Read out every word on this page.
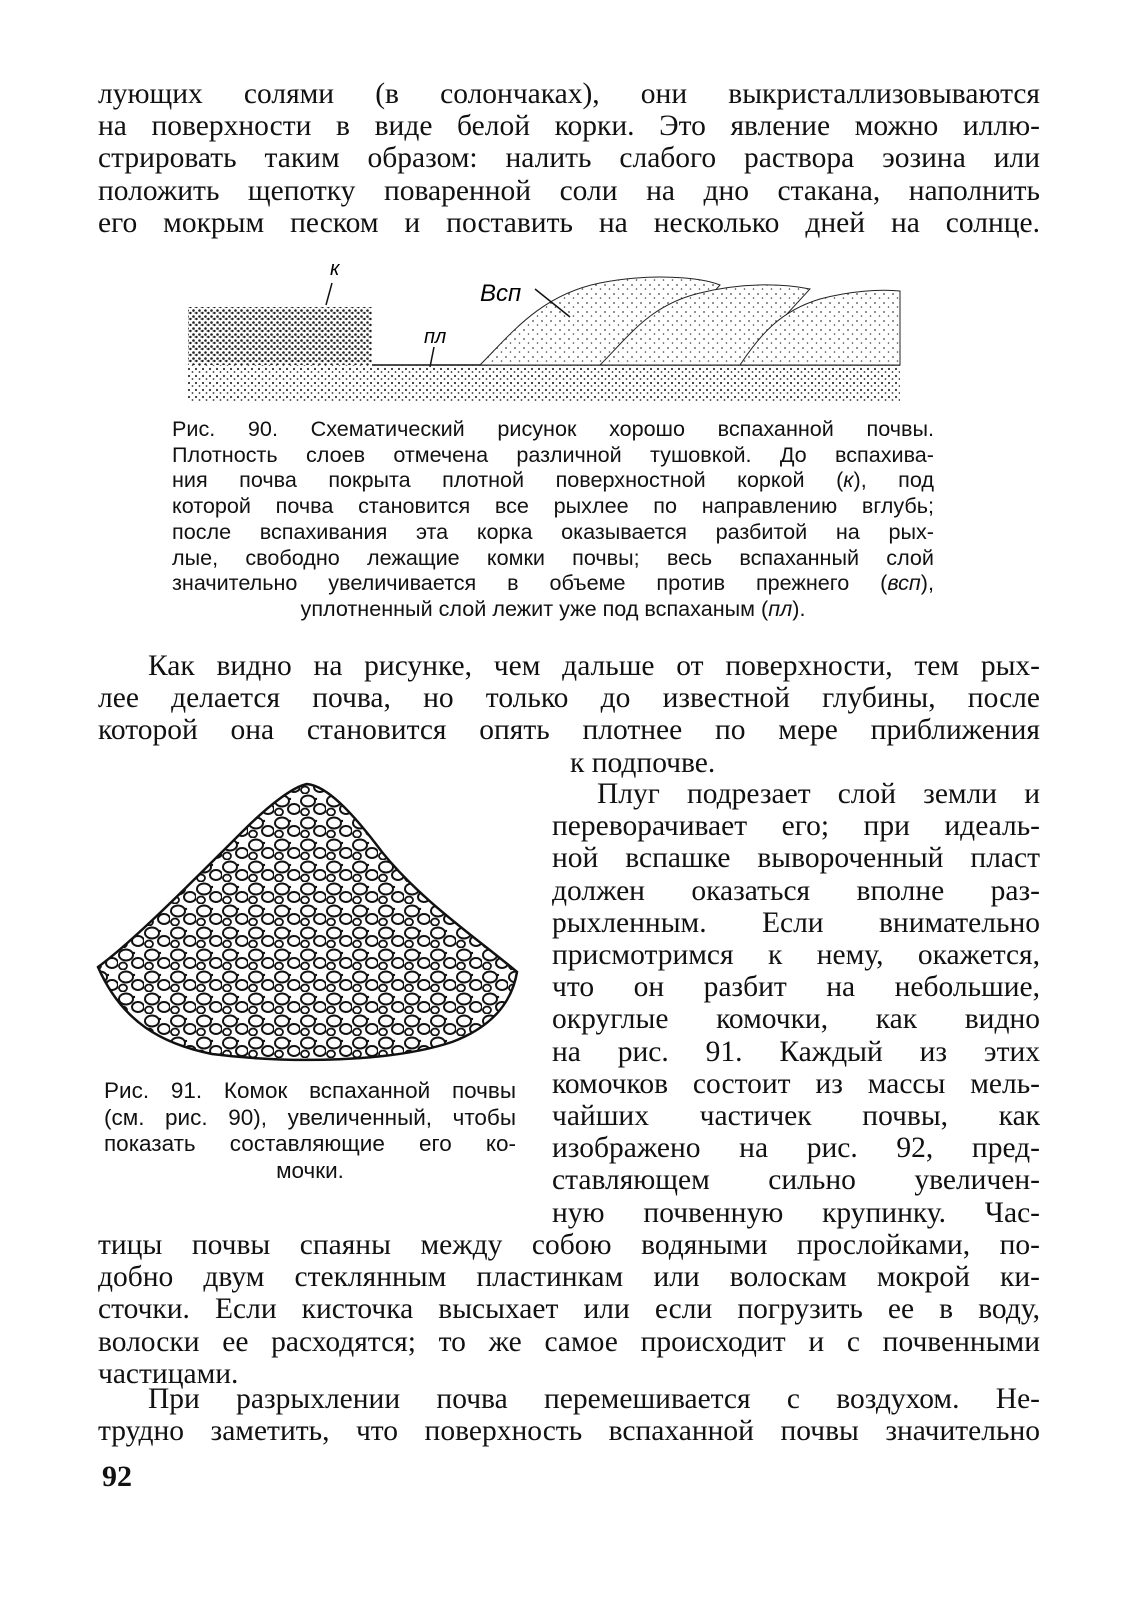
лующих солями (в солончаках), они выкристаллизовываются
на поверхности в виде белой корки. Это явление можно иллю-
стрировать таким образом: налить слабого раствора эозина или
положить щепотку поваренной соли на дно стакана, наполнить
его мокрым песком и поставить на несколько дней на солнце.
к
пл
Всп
Рис. 90. Схематический рисунок хорошо вспаханной почвы.
Плотность слоев отмечена различной тушовкой. До вспахива-
ния почва покрыта плотной поверхностной коркой (к), под
которой почва становится все рыхлее по направлению вглубь;
после вспахивания эта корка оказывается разбитой на рых-
лые, свободно лежащие комки почвы; весь вспаханный слой
значительно увеличивается в объеме против прежнего (всп),
уплотненный слой лежит уже под вспаханым (пл).
Как видно на рисунке, чем дальше от поверхности, тем рых-
лее делается почва, но только до известной глубины, после
которой она становится опять плотнее по мере приближения
к подпочве.
Рис. 91. Комок вспаханной почвы
(см. рис. 90), увеличенный, чтобы
показать составляющие его ко-
мочки.
Плуг подрезает слой земли и
переворачивает его; при идеаль-
ной вспашке вывороченный пласт
должен оказаться вполне раз-
рыхленным. Если внимательно
присмотримся к нему, окажется,
что он разбит на небольшие,
округлые комочки, как видно
на рис. 91. Каждый из этих
комочков состоит из массы мель-
чайших частичек почвы, как
изображено на рис. 92, пред-
ставляющем сильно увеличен-
ную почвенную крупинку. Час-
тицы почвы спаяны между собою водяными прослойками, по-
добно двум стеклянным пластинкам или волоскам мокрой ки-
сточки. Если кисточка высыхает или если погрузить ее в воду,
волоски ее расходятся; то же самое происходит и с почвенными
частицами.
При разрыхлении почва перемешивается с воздухом. Не-
трудно заметить, что поверхность вспаханной почвы значительно
92
